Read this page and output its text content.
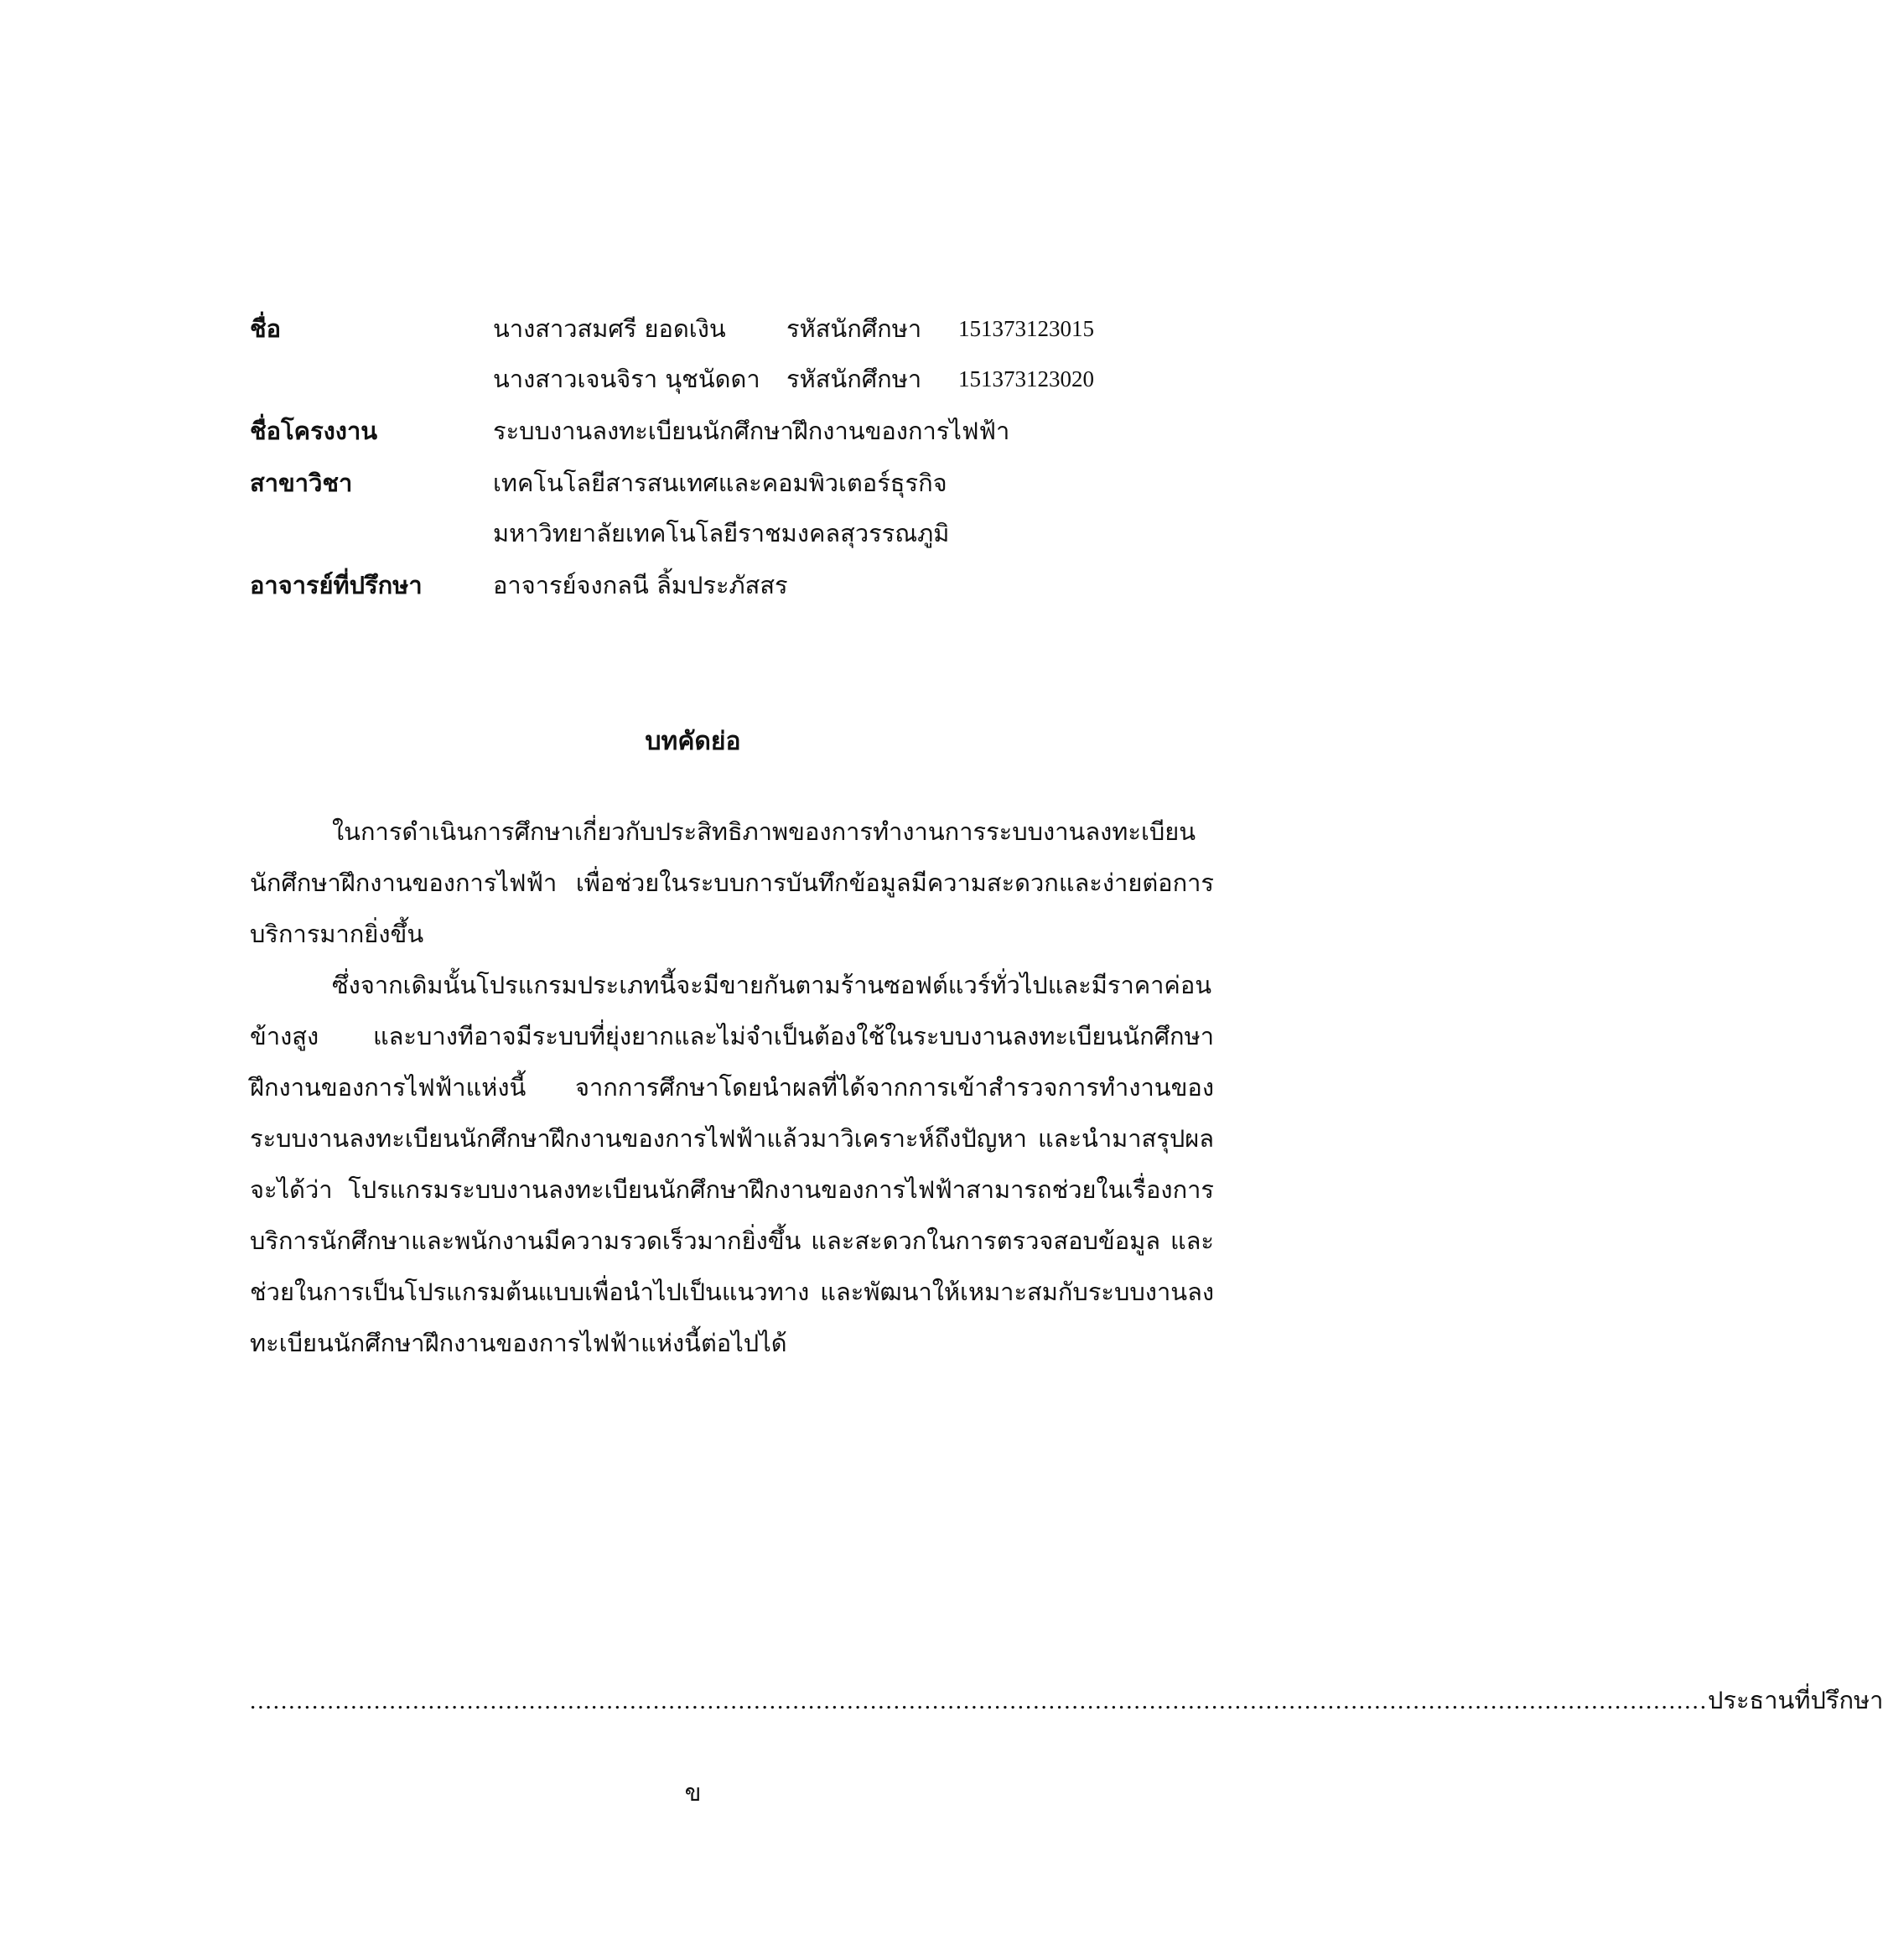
ชื่อ	นางสาวสมศรี ยอดเงิน รหัสนักศึกษา 151373123015
นางสาวเจนจิรา นุชนัดดา รหัสนักศึกษา 151373123020
ชื่อโครงงาน	ระบบงานลงทะเบียนนักศึกษาฝึกงานของการไฟฟ้า
สาขาวิชา	เทคโนโลยีสารสนเทศและคอมพิวเตอร์ธุรกิจ
มหาวิทยาลัยเทคโนโลยีราชมงคลสุวรรณภูมิ
อาจารย์ที่ปรึกษา	อาจารย์จงกลนี ลิ้มประภัสสร
บทคัดย่อ

ในการดำเนินการศึกษาเกี่ยวกับประสิทธิภาพของการทำงานการระบบงานลงทะเบียนนักศึกษาฝึกงานของการไฟฟ้า เพื่อช่วยในระบบการบันทึกข้อมูลมีความสะดวกและง่ายต่อการบริการมากยิ่งขึ้น

ซึ่งจากเดิมนั้นโปรแกรมประเภทนี้จะมีขายกันตามร้านซอฟต์แวร์ทั่วไปและมีราคาค่อนข้างสูง และบางทีอาจมีระบบที่ยุ่งยากและไม่จำเป็นต้องใช้ในระบบงานลงทะเบียนนักศึกษาฝึกงานของการไฟฟ้าแห่งนี้ จากการศึกษาโดยนำผลที่ได้จากการเข้าสำรวจการทำงานของระบบงานลงทะเบียนนักศึกษาฝึกงานของการไฟฟ้าแล้วมาวิเคราะห์ถึงปัญหา และนำมาสรุปผลจะได้ว่า โปรแกรมระบบงานลงทะเบียนนักศึกษาฝึกงานของการไฟฟ้าสามารถช่วยในเรื่องการบริการนักศึกษาและพนักงานมีความรวดเร็วมากยิ่งขึ้น และสะดวกในการตรวจสอบข้อมูล และช่วยในการเป็นโปรแกรมต้นแบบเพื่อนำไปเป็นแนวทาง และพัฒนาให้เหมาะสมกับระบบงานลงทะเบียนนักศึกษาฝึกงานของการไฟฟ้าแห่งนี้ต่อไปได้

............................................................................................................................................................................................ ประธานที่ปรึกษา
ข
